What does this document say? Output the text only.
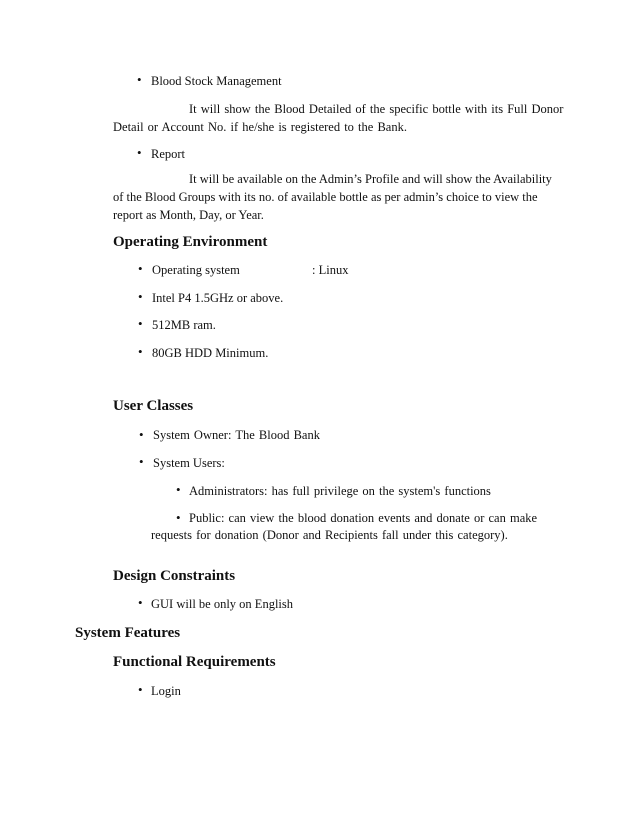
• Blood Stock Management
It will show the Blood Detailed of the specific bottle with its Full Donor
Detail or Account No. if he/she is registered to the Bank.
• Report
It will be available on the Admin’s Profile and will show the Availability
of the Blood Groups with its no. of available bottle as per admin’s choice to view the
report as Month, Day, or Year.
Operating Environment
• Operating system	: Linux
• Intel P4 1.5GHz or above.
• 512MB ram.
• 80GB HDD Minimum.
User Classes
• System Owner: The Blood Bank
• System Users:
• Administrators: has full privilege on the system's functions
• Public: can view the blood donation events and donate or can make
requests for donation (Donor and Recipients fall under this category).
Design Constraints
• GUI will be only on English
System Features
Functional Requirements
• Login
